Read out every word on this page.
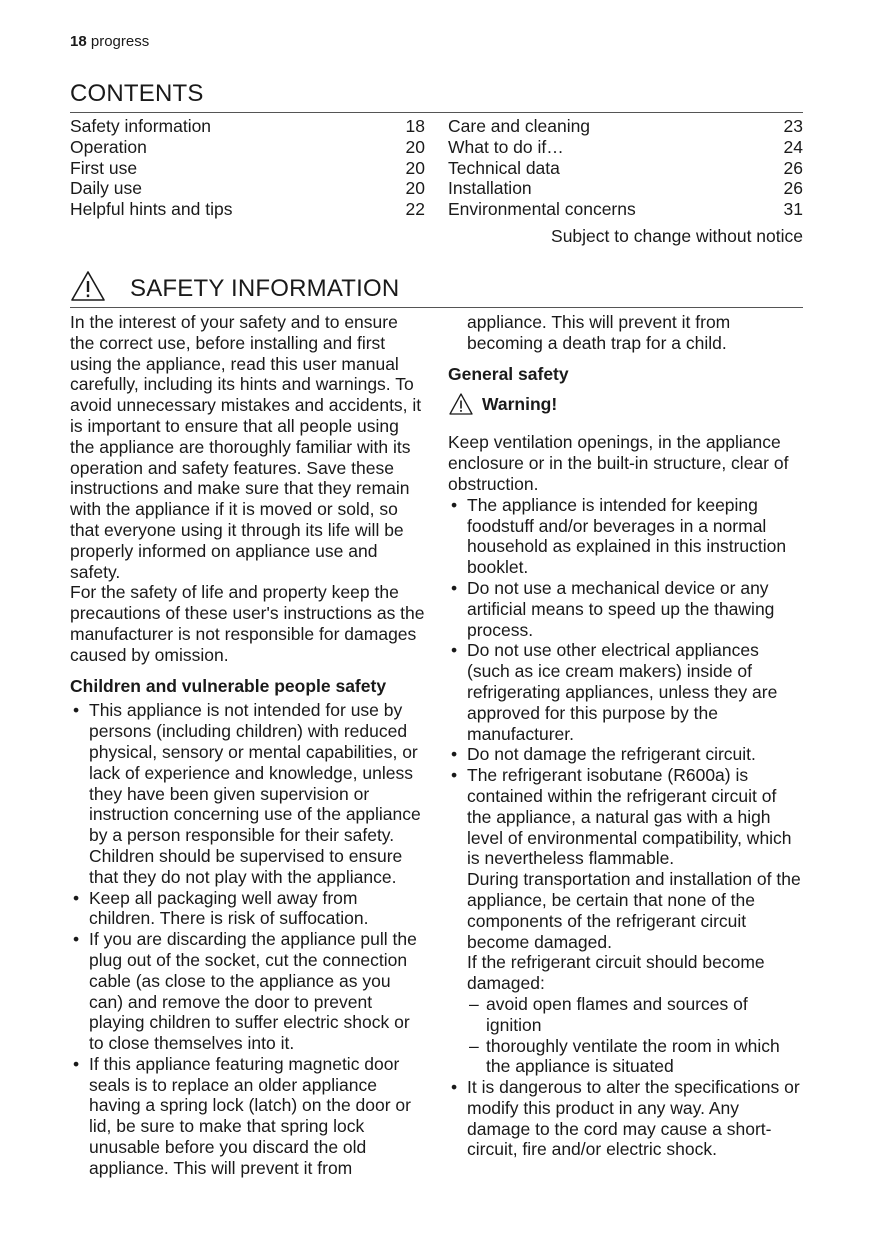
18 progress
CONTENTS
Safety information	18
Operation	20
First use	20
Daily use	20
Helpful hints and tips	22
Care and cleaning	23
What to do if…	24
Technical data	26
Installation	26
Environmental concerns	31
Subject to change without notice
SAFETY INFORMATION

In the interest of your safety and to ensure the correct use, before installing and first using the appliance, read this user manual carefully, including its hints and warnings. To avoid unnecessary mistakes and accidents, it is important to ensure that all people using the appliance are thoroughly familiar with its operation and safety features. Save these instructions and make sure that they remain with the appliance if it is moved or sold, so that everyone using it through its life will be properly informed on appliance use and safety.

For the safety of life and property keep the precautions of these user's instructions as the manufacturer is not responsible for damages caused by omission.

Children and vulnerable people safety
• This appliance is not intended for use by persons (including children) with reduced physical, sensory or mental capabilities, or lack of experience and knowledge, unless they have been given supervision or instruction concerning use of the appliance by a person responsible for their safety.
Children should be supervised to ensure that they do not play with the appliance.
• Keep all packaging well away from children. There is risk of suffocation.
• If you are discarding the appliance pull the plug out of the socket, cut the connection cable (as close to the appliance as you can) and remove the door to prevent playing children to suffer electric shock or to close themselves into it.
• If this appliance featuring magnetic door seals is to replace an older appliance having a spring lock (latch) on the door or lid, be sure to make that spring lock unusable before you discard the old appliance. This will prevent it from
appliance. This will prevent it from becoming a death trap for a child.
General safety
Warning!

Keep ventilation openings, in the appliance enclosure or in the built-in structure, clear of obstruction.

• The appliance is intended for keeping foodstuff and/or beverages in a normal household as explained in this instruction booklet.
• Do not use a mechanical device or any artificial means to speed up the thawing process.
• Do not use other electrical appliances (such as ice cream makers) inside of refrigerating appliances, unless they are approved for this purpose by the manufacturer.
• Do not damage the refrigerant circuit.
• The refrigerant isobutane (R600a) is contained within the refrigerant circuit of the appliance, a natural gas with a high level of environmental compatibility, which is nevertheless flammable.
During transportation and installation of the appliance, be certain that none of the components of the refrigerant circuit become damaged.
If the refrigerant circuit should become damaged:
– avoid open flames and sources of ignition
– thoroughly ventilate the room in which the appliance is situated
• It is dangerous to alter the specifications or modify this product in any way. Any damage to the cord may cause a short-circuit, fire and/or electric shock.
